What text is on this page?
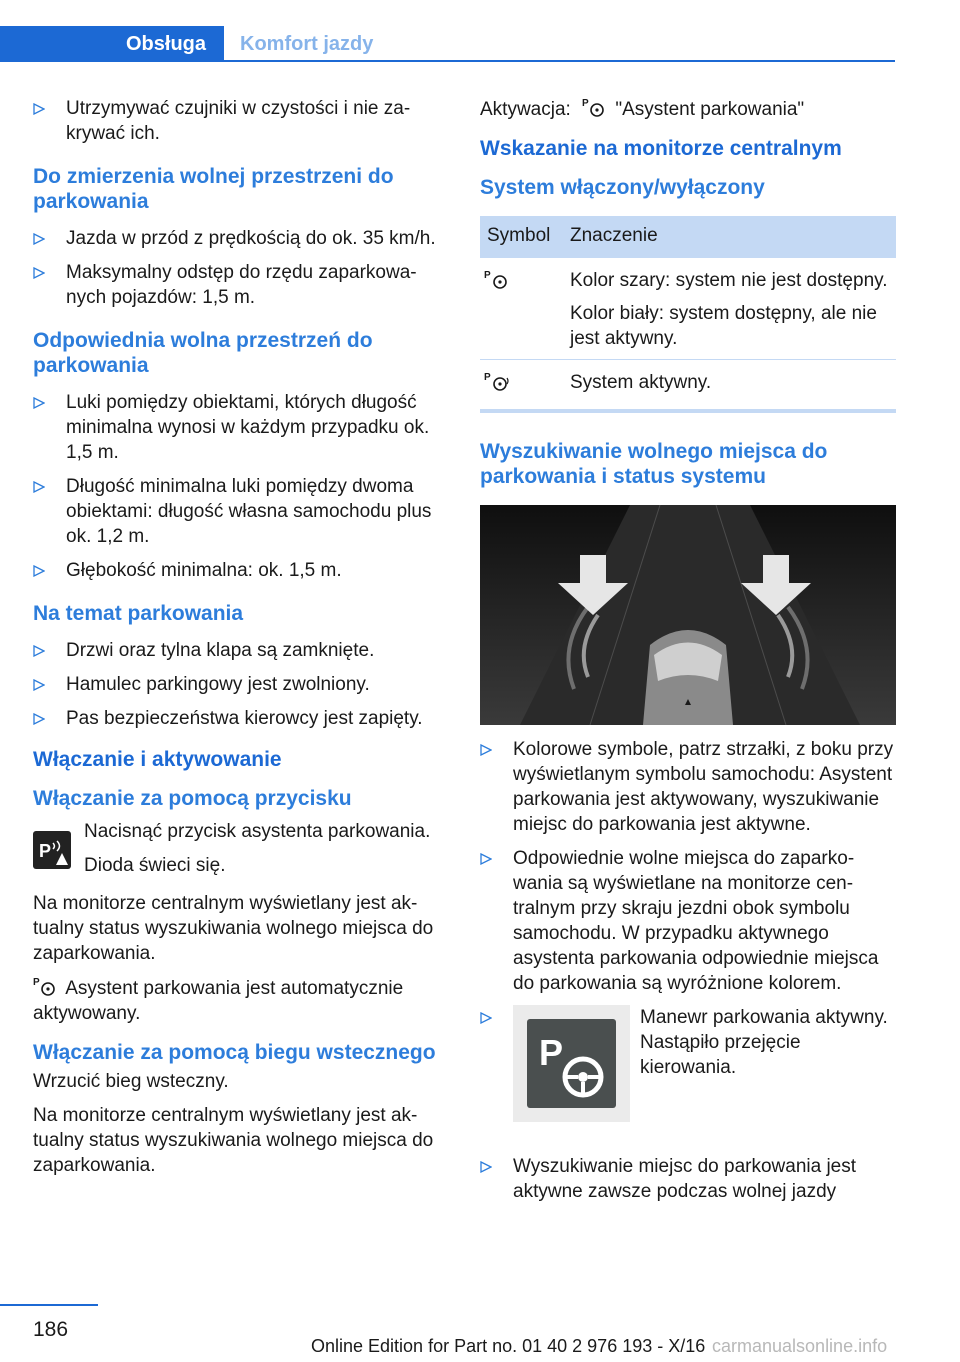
Obsługa Komfort jazdy
Utrzymywać czujniki w czystości i nie zakrywać ich.
Do zmierzenia wolnej przestrzeni do parkowania
Jazda w przód z prędkością do ok. 35 km/h.
Maksymalny odstęp do rzędu zaparkowanych pojazdów: 1,5 m.
Odpowiednia wolna przestrzeń do parkowania
Luki pomiędzy obiektami, których długość minimalna wynosi w każdym przypadku ok. 1,5 m.
Długość minimalna luki pomiędzy dwoma obiektami: długość własna samochodu plus ok. 1,2 m.
Głębokość minimalna: ok. 1,5 m.
Na temat parkowania
Drzwi oraz tylna klapa są zamknięte.
Hamulec parkingowy jest zwolniony.
Pas bezpieczeństwa kierowcy jest zapięty.
Włączanie i aktywowanie
Włączanie za pomocą przycisku
P
Nacisnąć przycisk asystenta parkowania.
Dioda świeci się.
Na monitorze centralnym wyświetlany jest aktualny status wyszukiwania wolnego miejsca do zaparkowania.
P Asystent parkowania jest automatycznie aktywowany.
Włączanie za pomocą biegu wstecznego
Wrzucić bieg wsteczny.
Na monitorze centralnym wyświetlany jest aktualny status wyszukiwania wolnego miejsca do zaparkowania.
Aktywacja: P "Asystent parkowania"
Wskazanie na monitorze centralnym
System włączony/wyłączony
Symbol Znaczenie
P	Kolor szary: system nie jest dostępny.

Kolor biały: system dostępny, ale nie jest aktywny.

P	System aktywny.

Wyszukiwanie wolnego miejsca do parkowania i status systemu
Kolorowe symbole, patrz strzałki, z boku przy wyświetlanym symbolu samochodu: Asystent parkowania jest aktywowany, wyszukiwanie miejsc do parkowania jest aktywne.
Odpowiednie wolne miejsca do zaparkowania są wyświetlane na monitorze centralnym przy skraju jezdni obok symbolu samochodu. W przypadku aktywnego asystenta parkowania odpowiednie miejsca do parkowania są wyróżnione kolorem.
P
Manewr parkowania aktywny. Nastąpiło przejęcie kierowania.
Wyszukiwanie miejsc do parkowania jest aktywne zawsze podczas wolnej jazdy
186
Online Edition for Part no. 01 40 2 976 193 - X/16 carmanualsonline.info
